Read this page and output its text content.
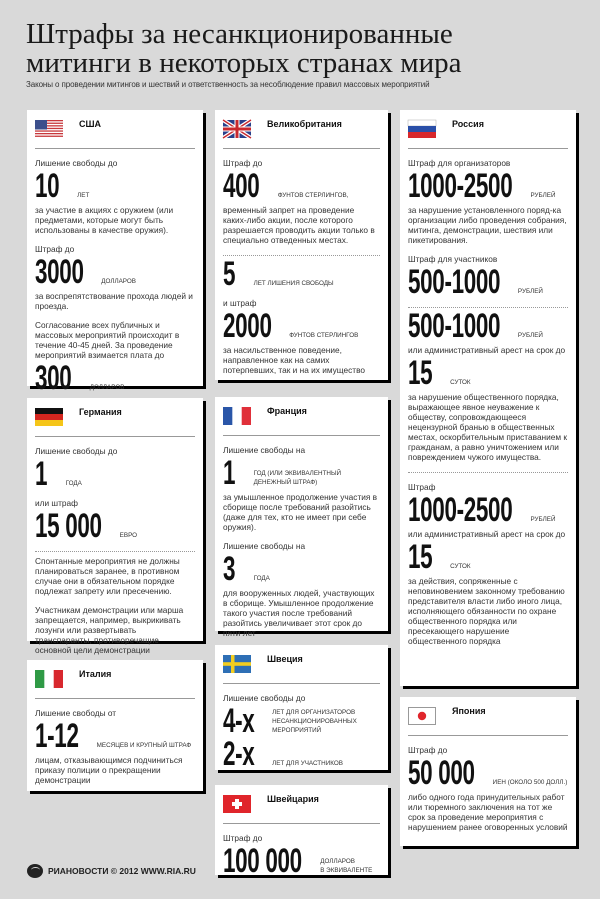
Штрафы за несанкционированные
митинги в некоторых странах мира
Законы о проведении митингов и шествий и ответственность за несоблюдение правил массовых мероприятий
США
Лишение свободы до
10	ЛЕТ
за участие в акциях с оружием (или предметами, которые могут быть использованы в качестве оружия).
Штраф до
3000	ДОЛЛАРОВ
за воспрепятствование прохода людей и проезда.
Согласование всех публичных и массовых мероприятий происходит в течение 40-45 дней. За проведение мероприятий взимается плата до
300	ДОЛЛАРОВ
Великобритания
Штраф до
400	ФУНТОВ СТЕРЛИНГОВ,
временный запрет на проведение каких-либо акции, после которого разрешается проводить акции только в специально отведенных местах.
5	ЛЕТ ЛИШЕНИЯ СВОБОДЫ
и штраф
2000	ФУНТОВ СТЕРЛИНГОВ
за насильственное поведение, направленное как на самих потерпевших, так и на их имущество
Россия
Штраф для организаторов
1000-2500	РУБЛЕЙ
за нарушение установленного поряд-ка организации либо проведения собрания, митинга, демонстрации, шествия или пикетирования.
Штраф для участников
500-1000	РУБЛЕЙ
500-1000	РУБЛЕЙ
или административный арест на срок до
15	СУТОК
за нарушение общественного порядка, выражающее явное неуважение к обществу, сопровождающееся нецензурной бранью в общественных местах, оскорбительным приставанием к гражданам, а равно уничтожением или повреждением чужого имущества.
Штраф
1000-2500	РУБЛЕЙ
или административный арест на срок до
15	СУТОК
за действия, сопряженные с неповиновением законному требованию представителя власти либо иного лица, исполняющего обязанности по охране общественного порядка или пресекающего нарушение общественного порядка
Германия
Лишение свободы до
1	ГОДА
или штраф
15 000	ЕВРО
Спонтанные мероприятия не должны планироваться заранее, в противном случае они в обязательном порядке подлежат запрету или пресечению.
Участникам демонстрации или марша запрещается, например, выкрикивать лозунги или развертывать транспаранты, противоречащие основной цели демонстрации
Франция
Лишение свободы на
1	ГОД (ИЛИ ЭКВИВАЛЕНТНЫЙ
ДЕНЕЖНЫЙ ШТРАФ)
за умышленное продолжение участия в сборище после требований разойтись (даже для тех, кто не имеет при себе оружия).
Лишение свободы на
3	ГОДА
для вооруженных людей, участвующих в сборище. Умышленное продолжение такого участия после требований разойтись увеличивает этот срок до пяти лет
Италия
Лишение свободы от
1-12	МЕСЯЦЕВ И КРУПНЫЙ ШТРАФ
лицам, отказывающимся подчиниться приказу полиции о прекращении демонстрации
Швеция
Лишение свободы до
4-х	ЛЕТ ДЛЯ ОРГАНИЗАТОРОВ
НЕСАНКЦИОНИРОВАННЫХ
МЕРОПРИЯТИЙ
2-х	ЛЕТ ДЛЯ УЧАСТНИКОВ
Швейцария
Штраф до
100 000	ДОЛЛАРОВ
В ЭКВИВАЛЕНТЕ
Япония
Штраф до
50 000	ИЕН (ОКОЛО 500 ДОЛЛ.)
либо одного года принудительных работ или тюремного заключения на тот же срок за проведение мероприятия с нарушением ранее оговоренных условий
РИАНОВОСТИ © 2012 WWW.RIA.RU
